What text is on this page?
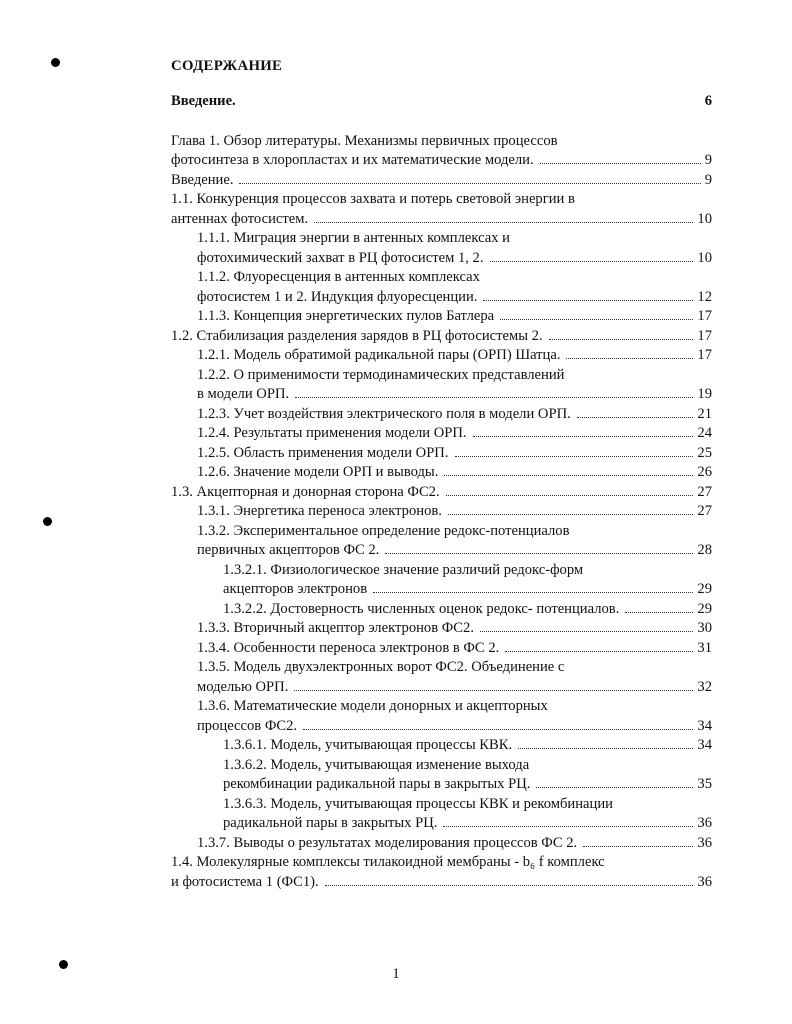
СОДЕРЖАНИЕ
Введение.	6
Глава 1. Обзор литературы. Механизмы первичных процессов
фотосинтеза в хлоропластах и их математические модели.	9
Введение.	9
1.1. Конкуренция процессов захвата и потерь световой энергии в
антеннах фотосистем.	10
1.1.1. Миграция энергии в антенных комплексах и
фотохимический захват в РЦ фотосистем 1, 2.	10
1.1.2. Флуоресценция в антенных комплексах
фотосистем 1 и 2. Индукция флуоресценции.	12
1.1.3. Концепция энергетических пулов Батлера	17
1.2. Стабилизация разделения зарядов в РЦ фотосистемы 2.	17
1.2.1. Модель обратимой радикальной пары (ОРП) Шатца.	17
1.2.2. О применимости термодинамических представлений
в модели ОРП.	19
1.2.3. Учет воздействия электрического поля в модели ОРП.	21
1.2.4. Результаты применения модели ОРП.	24
1.2.5. Область применения модели ОРП.	25
1.2.6. Значение модели ОРП и выводы.	26
1.3. Акцепторная и донорная сторона ФС2.	27
1.3.1. Энергетика переноса электронов.	27
1.3.2. Экспериментальное определение редокс-потенциалов
первичных акцепторов ФС 2.	28
1.3.2.1. Физиологическое значение различий редокс-форм
акцепторов электронов	29
1.3.2.2. Достоверность численных оценок редокс- потенциалов.	29
1.3.3. Вторичный акцептор электронов ФС2.	30
1.3.4. Особенности переноса электронов в ФС 2.	31
1.3.5. Модель двухэлектронных ворот ФС2. Объединение с
моделью ОРП.	32
1.3.6. Математические модели донорных и акцепторных
процессов ФС2.	34
1.3.6.1. Модель, учитывающая процессы КВК.	34
1.3.6.2. Модель, учитывающая изменение выхода
рекомбинации радикальной пары в закрытых РЦ.	35
1.3.6.3. Модель, учитывающая процессы КВК и рекомбинации
радикальной пары в закрытых РЦ.	36
1.3.7. Выводы о результатах моделирования процессов ФС 2.	36
1.4. Молекулярные комплексы тилакоидной мембраны - b₆ f комплекс
и фотосистема 1 (ФС1).	36
1
